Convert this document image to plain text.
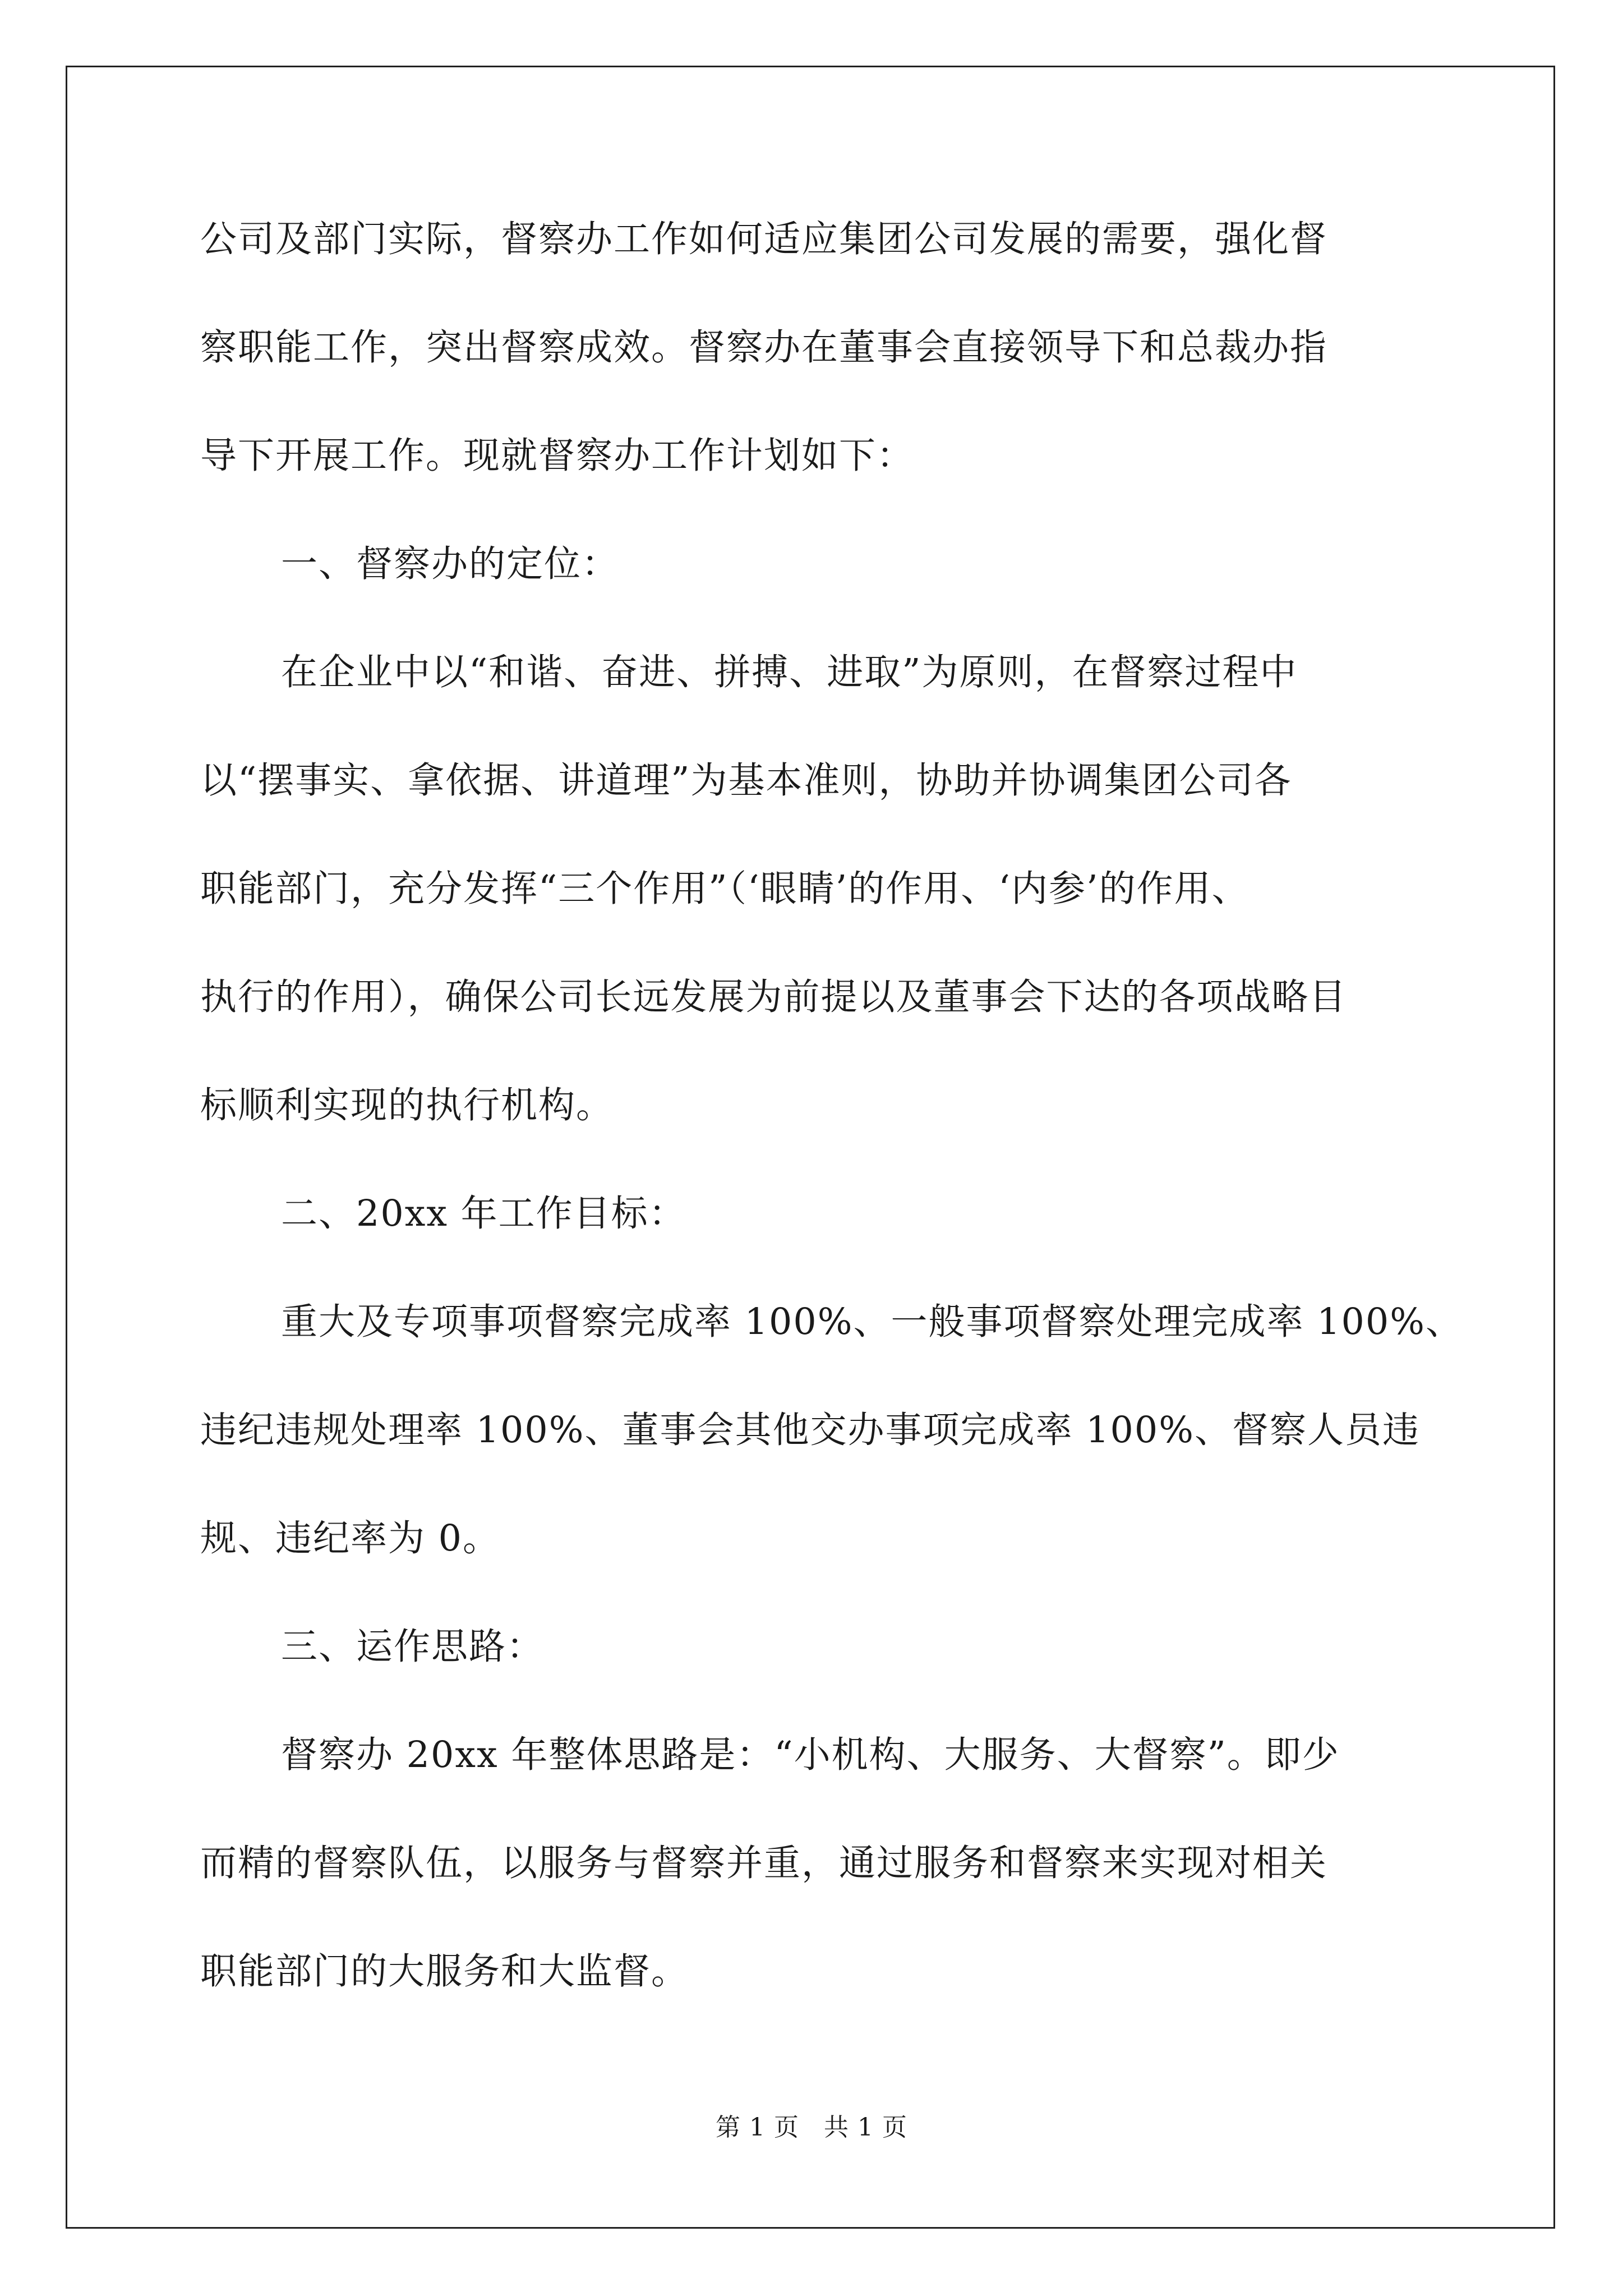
公司及部门实际，督察办工作如何适应集团公司发展的需要，强化督
察职能工作，突出督察成效。督察办在董事会直接领导下和总裁办指
导下开展工作。现就督察办工作计划如下：
一、督察办的定位：
在企业中以“和谐、奋进、拼搏、进取”为原则，在督察过程中
以“摆事实、拿依据、讲道理”为基本准则，协助并协调集团公司各
职能部门，充分发挥“三个作用”（‘眼睛’的作用、‘内参’的作用、
执行的作用），确保公司长远发展为前提以及董事会下达的各项战略目
标顺利实现的执行机构。
二、20xx 年工作目标：
重大及专项事项督察完成率 100%、一般事项督察处理完成率 100%、
违纪违规处理率 100%、董事会其他交办事项完成率 100%、督察人员违
规、违纪率为 0。
三、运作思路：
督察办 20xx 年整体思路是：“小机构、大服务、大督察”。即少
而精的督察队伍，以服务与督察并重，通过服务和督察来实现对相关
职能部门的大服务和大监督。
第 1 页 共 1 页
